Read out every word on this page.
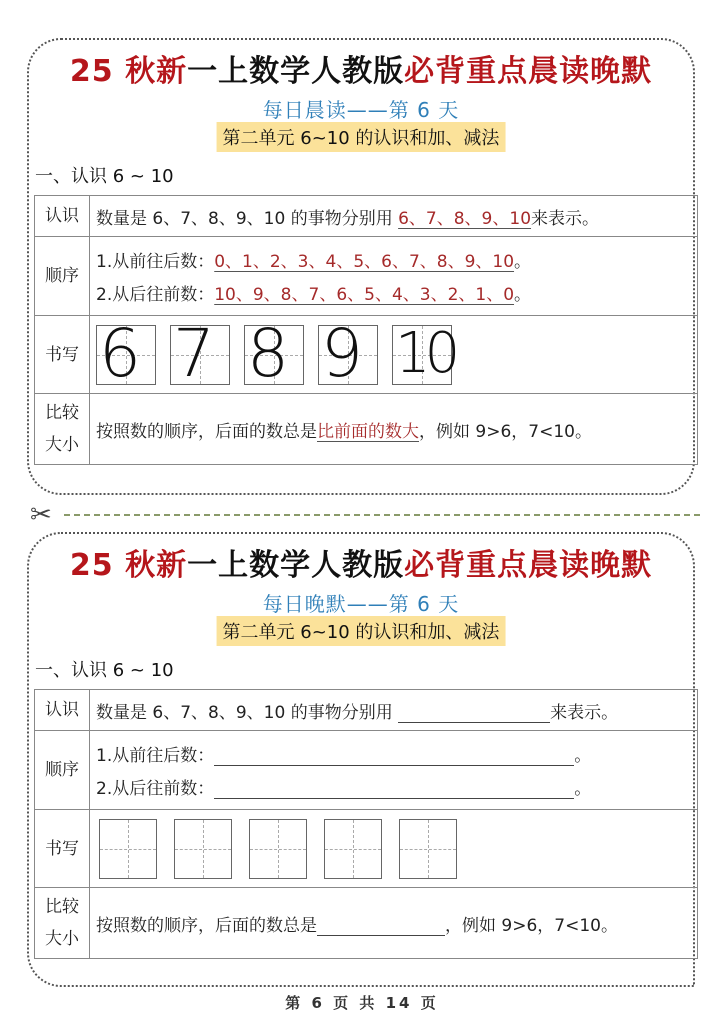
25 秋新一上数学人教版必背重点晨读晚默
每日晨读——第 6 天
第二单元 6~10 的认识和加、减法
一、认识 6 ~ 10
认识	数量是 6、7、8、9、10 的事物分别用 6、7、8、9、10来表示。
顺序	1.从前往后数：0、1、2、3、4、5、6、7、8、9、10。
2.从后往前数：10、9、8、7、6、5、4、3、2、1、0。

书写	6 7 8 9 10

比较
大小	按照数的顺序，后面的数总是比前面的数大，例如 9>6，7<10。
✂
25 秋新一上数学人教版必背重点晨读晚默
每日晚默——第 6 天
第二单元 6~10 的认识和加、减法
一、认识 6 ~ 10
认识	数量是 6、7、8、9、10 的事物分别用 来表示。
顺序	1.从前往后数： 。
2.从后往前数： 。

书写	

比较
大小	按照数的顺序，后面的数总是 ，例如 9>6，7<10。
第 6 页 共 14 页
